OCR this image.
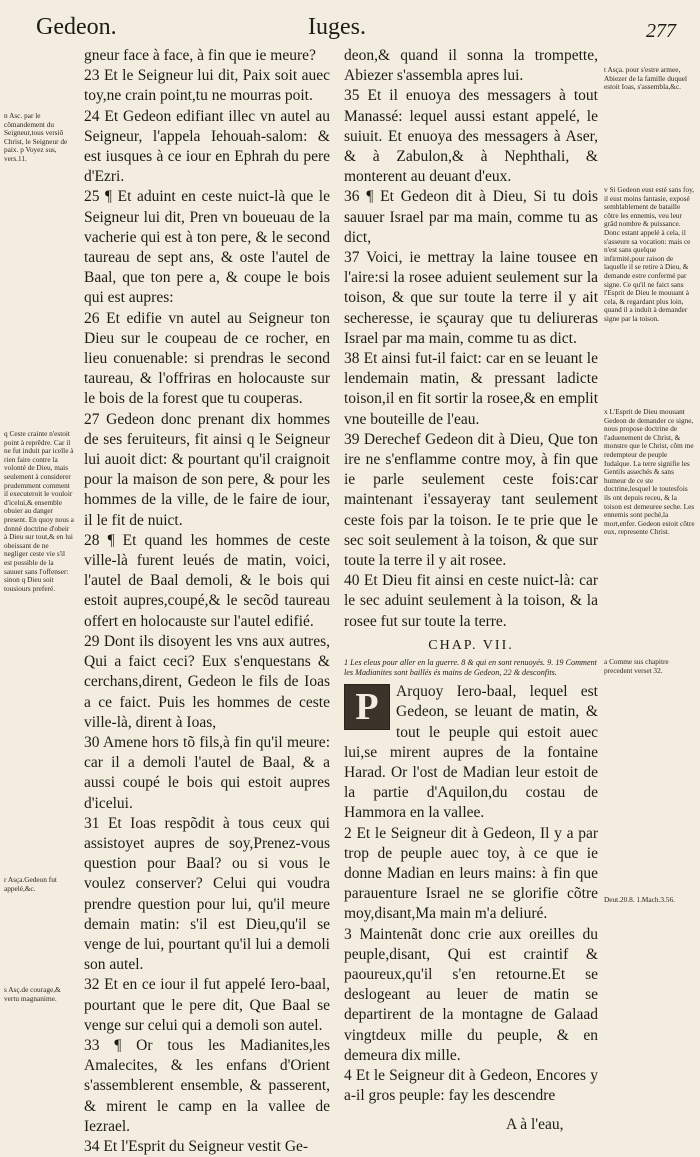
Gedeon.	Iuges.	277

gneur face à face, à fin que ie meure?

23 Et le Seigneur lui dit, Paix soit auec toy,ne crain point,tu ne mourras poit.

24 Et Gedeon edifiant illec vn autel au Seigneur, l'appela Iehouah-salom: & est iusques à ce iour en Ephrah du pere d'Ezri.

25 ¶ Et aduint en ceste nuict-là que le Seigneur lui dit, Pren vn boueuau de la vacherie qui est à ton pere, & le second taureau de sept ans, & oste l'autel de Baal, que ton pere a, & coupe le bois qui est aupres:

26 Et edifie vn autel au Seigneur ton Dieu sur le coupeau de ce rocher, en lieu conuenable: si prendras le second taureau, & l'offriras en holocauste sur le bois de la forest que tu couperas.

27 Gedeon donc prenant dix hommes de ses feruiteurs, fit ainsi q le Seigneur lui auoit dict: & pourtant qu'il craignoit pour la maison de son pere, & pour les hommes de la ville, de le faire de iour, il le fit de nuict.

28 ¶ Et quand les hommes de ceste ville-là furent leués de matin, voici, l'autel de Baal demoli, & le bois qui estoit aupres,coupé,& le secõd taureau offert en holocauste sur l'autel edifié.

29 Dont ils disoyent les vns aux autres, Qui a faict ceci? Eux s'enquestans & cerchans,dirent, Gedeon le fils de Ioas a ce faict. Puis les hommes de ceste ville-là, dirent à Ioas,

30 Amene hors tõ fils,à fin qu'il meure: car il a demoli l'autel de Baal, & a aussi coupé le bois qui estoit aupres d'icelui.

31 Et Ioas respõdit à tous ceux qui assistoyet aupres de soy,Prenez-vous question pour Baal? ou si vous le voulez conserver? Celui qui voudra prendre question pour lui, qu'il meure demain matin: s'il est Dieu,qu'il se venge de lui, pourtant qu'il lui a demoli son autel.

32 Et en ce iour il fut appelé Iero-baal, pourtant que le pere dit, Que Baal se venge sur celui qui a demoli son autel.

33 ¶ Or tous les Madianites,les Amalecites, & les enfans d'Orient s'assemblerent ensemble, & passerent, & mirent le camp en la vallee de Iezrael.

34 Et l'Esprit du Seigneur vestit Ge-

deon,& quand il sonna la trompette, Abiezer s'assembla apres lui.

35 Et il enuoya des messagers à tout Manassé: lequel aussi estant appelé, le suiuit. Et enuoya des messagers à Aser, & à Zabulon,& à Nephthali, & monterent au deuant d'eux.

36 ¶ Et Gedeon dit à Dieu, Si tu dois sauuer Israel par ma main, comme tu as dict,

37 Voici, ie mettray la laine tousee en l'aire:si la rosee aduient seulement sur la toison, & que sur toute la terre il y ait secheresse, ie sçauray que tu deliureras Israel par ma main, comme tu as dict.

38 Et ainsi fut-il faict: car en se leuant le lendemain matin, & pressant ladicte toison,il en fit sortir la rosee,& en emplit vne bouteille de l'eau.

39 Derechef Gedeon dit à Dieu, Que ton ire ne s'enflamme contre moy, à fin que ie parle seulement ceste fois:car maintenant i'essayeray tant seulement ceste fois par la toison. Ie te prie que le sec soit seulement à la toison, & que sur toute la terre il y ait rosee.

40 Et Dieu fit ainsi en ceste nuict-là: car le sec aduint seulement à la toison, & la rosee fut sur toute la terre.

CHAP. VII.
1 Les eleus pour aller en la guerre. 8 & qui en sont renuoyés. 9. 19 Comment les Madianites sont baillés és mains de Gedeon, 22 & desconfits.
P	Arquoy Iero-baal, lequel est Gedeon, se leuant de matin, & tout le peuple qui estoit auec lui,se mirent aupres de la fontaine Harad. Or l'ost de Madian leur estoit de la partie d'Aquilon,du costau de Hammora en la vallee.

2 Et le Seigneur dit à Gedeon, Il y a par trop de peuple auec toy, à ce que ie donne Madian en leurs mains: à fin que parauenture Israel ne se glorifie cõtre moy,disant,Ma main m'a deliuré.

3 Maintenãt donc crie aux oreilles du peuple,disant, Qui est craintif & paoureux,qu'il s'en retourne.Et se deslogeant au leuer de matin se departirent de la montagne de Galaad vingtdeux mille du peuple, & en demeura dix mille.

4 Et le Seigneur dit à Gedeon, Encores y a-il gros peuple: fay les descendre

n Asc. par le cõmandement du Seigneur,tous versiõ Christ, le Seigneur de paix. p Voyez sus, vers.11.
q Ceste crainte n'estoit point à reprẽdre. Car il ne fut induit par icelle à rien faire contre la volonté de Dieu, mais seulement à considerer prudemment comment il executeroit le vouloir d'icelui,& ensemble obuier au danger present. En quoy nous a donné doctrine d'obeir à Dieu sur tout,& en lui obeissant de ne negliger ceste vie s'il est possible de la sauuer sans l'offenser: sinon q Dieu soit tousiours preferé.
r Asça.Gedeon fut appelé,&c.
s Asç.de courage,& vertu magnanime.
t Asça. pour s'estre armee, Abiezer de la famille duquel estoit Ioas, s'assembla,&c.
v Si Gedeon eust esté sans foy, il eust moins fantasie, exposé semblablement de bataille cõtre les ennemis, veu leur grãd nombre & puissance. Donc estant appelé à cela, il s'asseure sa vocation: mais ce n'est sans quelque infirmité,pour raison de laquelle il se retire à Dieu, & demande estre confermé par signe. Ce qu'il ne faict sans l'Esprit de Dieu le mouuant à cela, & regardant plus loin, quand il a induit à demander signe par la toison.
x L'Esprit de Dieu mouuant Gedeon de demander ce signe, nous propose doctrine de l'aduenement de Christ, & monstre que le Christ, cõm me redempteur de peuple Iudaïque. La terre signifie les Gentils assechés & sans humeur de ce ste doctrine,lesquel le toutesfois ils ont depuis receu, & la toison est demeuree seche. Les ennemis sont peché,la mort,enfer. Gedeon estoit cõtre eux, represente Christ.
a Comme sus chapitre precedent verset 32.
Deut.20.8. 1.Mach.3.56.
A à l'eau,
